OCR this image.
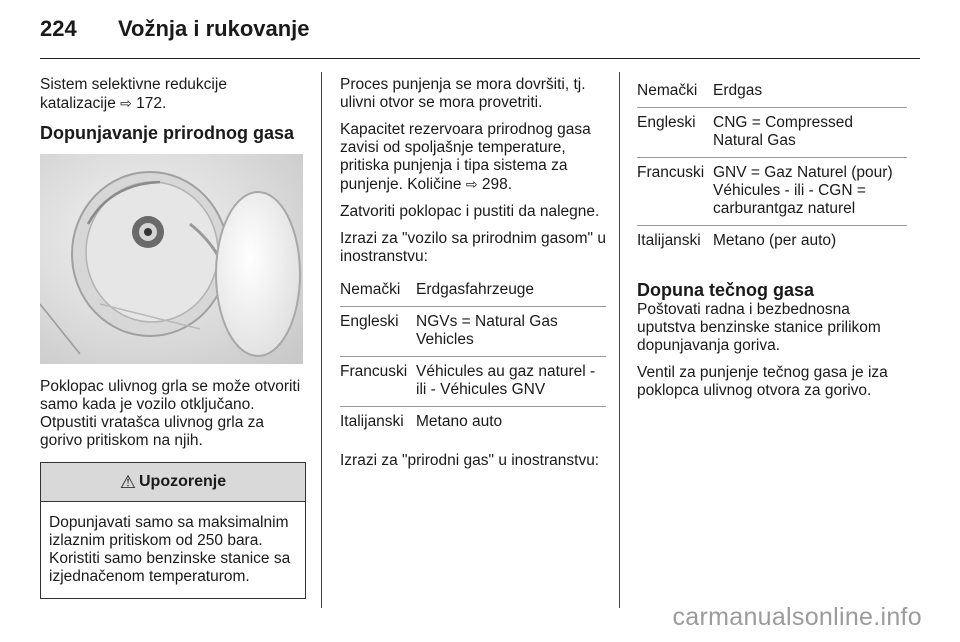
224 Vožnja i rukovanje

Sistem selektivne redukcije
katalizacije ⇨ 172.

Dopunjavanje prirodnog gasa

Poklopac ulivnog grla se može otvoriti samo kada je vozilo otključano. Otpustiti vratašca ulivnog grla za gorivo pritiskom na njih.

⚠ Upozorenje
Dopunjavati samo sa maksimalnim izlaznim pritiskom od 250 bara. Koristiti samo benzinske stanice sa izjednačenom temperaturom.

Proces punjenja se mora dovršiti, tj. ulivni otvor se mora provetriti.

Kapacitet rezervoara prirodnog gasa zavisi od spoljašnje temperature, pritiska punjenja i tipa sistema za punjenje. Količine ⇨ 298.

Zatvoriti poklopac i pustiti da nalegne.

Izrazi za "vozilo sa prirodnim gasom" u inostranstvu:

Nemački	Erdgasfahrzeuge
Engleski	NGVs = Natural Gas Vehicles
Francuski	Véhicules au gaz naturel - ili - Véhicules GNV
Italijanski	Metano auto

Izrazi za "prirodni gas" u inostranstvu:

Nemački	Erdgas
Engleski	CNG = Compressed Natural Gas
Francuski	GNV = Gaz Naturel (pour) Véhicules - ili - CGN = carburantgaz naturel
Italijanski	Metano (per auto)
Dopuna tečnog gasa

Poštovati radna i bezbednosna uputstva benzinske stanice prilikom dopunjavanja goriva.

Ventil za punjenje tečnog gasa je iza poklopca ulivnog otvora za gorivo.

carmanualsonline.info
